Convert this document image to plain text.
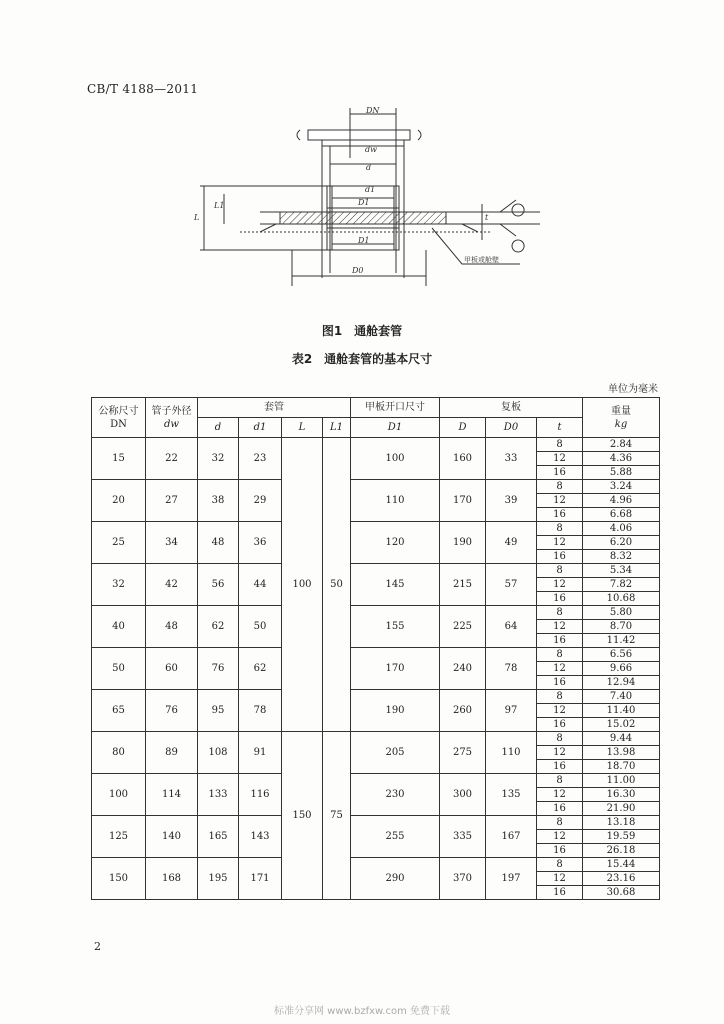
CB/T 4188—2011
DN
dw
d
d1
D1
D1
L
L1
D0
t
甲板或舱壁
图1　通舱套管
表2　通舱套管的基本尺寸
单位为毫米
公称尺寸
DN	管子外径
dw	套管				甲板开口尺寸	复板			重量
kg
		d	d1	L	L1	D1	D	D0	t	
15	22	32	23	100	50	100	160	33	8	2.84
									12	4.36
									16	5.88
20	27	38	29			110	170	39	8	3.24
									12	4.96
									16	6.68
25	34	48	36			120	190	49	8	4.06
									12	6.20
									16	8.32
32	42	56	44			145	215	57	8	5.34
									12	7.82
									16	10.68
40	48	62	50			155	225	64	8	5.80
									12	8.70
									16	11.42
50	60	76	62			170	240	78	8	6.56
									12	9.66
									16	12.94
65	76	95	78			190	260	97	8	7.40
									12	11.40
									16	15.02
80	89	108	91	150	75	205	275	110	8	9.44
									12	13.98
									16	18.70
100	114	133	116			230	300	135	8	11.00
									12	16.30
									16	21.90
125	140	165	143			255	335	167	8	13.18
									12	19.59
									16	26.18
150	168	195	171			290	370	197	8	15.44
									12	23.16
									16	30.68
2
标准分享网 www.bzfxw.com 免费下载
